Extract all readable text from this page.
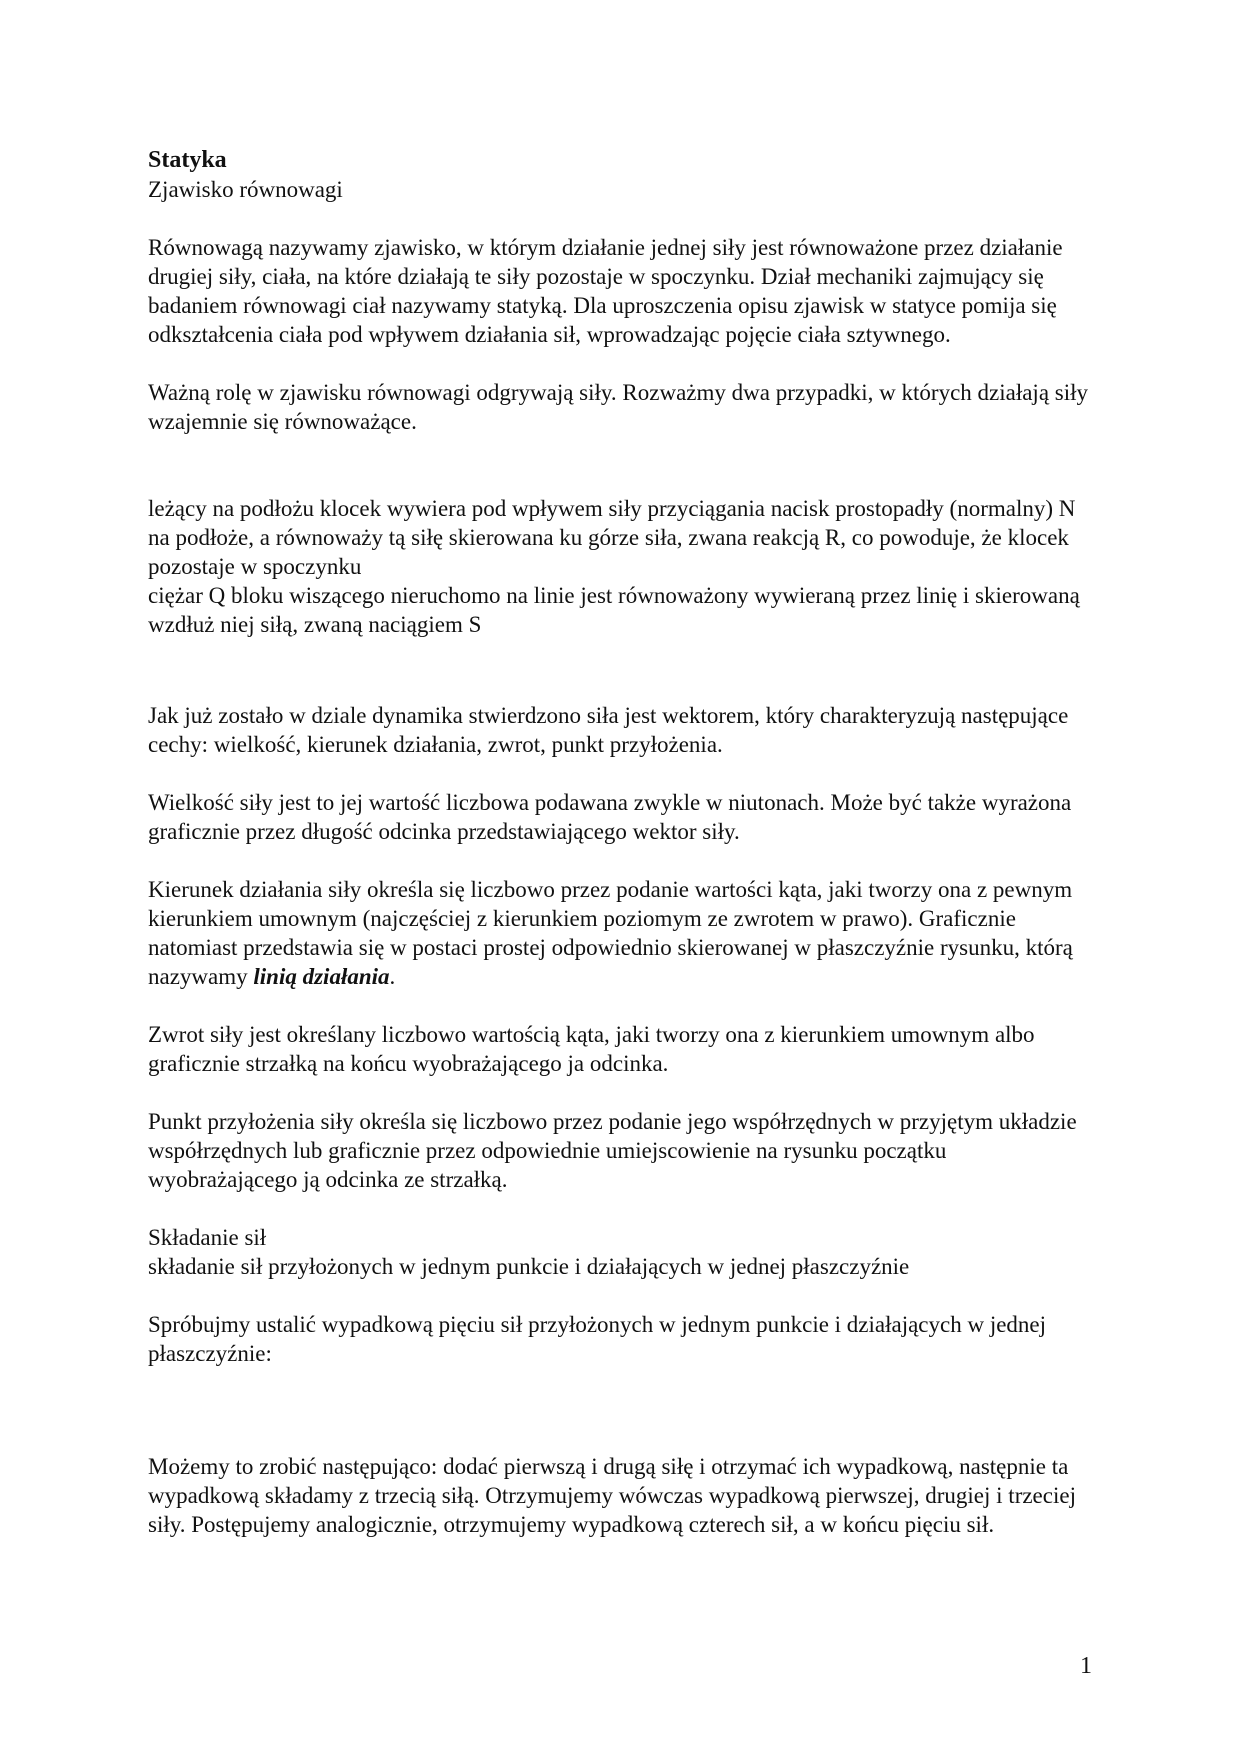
Statyka

Zjawisko równowagi

Równowagą nazywamy zjawisko, w którym działanie jednej siły jest równoważone przez działanie drugiej siły, ciała, na które działają te siły pozostaje w spoczynku. Dział mechaniki zajmujący się badaniem równowagi ciał nazywamy statyką. Dla uproszczenia opisu zjawisk w statyce pomija się odkształcenia ciała pod wpływem działania sił, wprowadzając pojęcie ciała sztywnego.

Ważną rolę w zjawisku równowagi odgrywają siły. Rozważmy dwa przypadki, w których działają siły wzajemnie się równoważące.

leżący na podłożu klocek wywiera pod wpływem siły przyciągania nacisk prostopadły (normalny) N na podłoże, a równoważy tą siłę skierowana ku górze siła, zwana reakcją R, co powoduje, że klocek pozostaje w spoczynku

ciężar Q bloku wiszącego nieruchomo na linie jest równoważony wywieraną przez linię i skierowaną wzdłuż niej siłą, zwaną naciągiem S

Jak już zostało w dziale dynamika stwierdzono siła jest wektorem, który charakteryzują następujące cechy: wielkość, kierunek działania, zwrot, punkt przyłożenia.

Wielkość siły jest to jej wartość liczbowa podawana zwykle w niutonach. Może być także wyrażona graficznie przez długość odcinka przedstawiającego wektor siły.

Kierunek działania siły określa się liczbowo przez podanie wartości kąta, jaki tworzy ona z pewnym kierunkiem umownym (najczęściej z kierunkiem poziomym ze zwrotem w prawo). Graficznie natomiast przedstawia się w postaci prostej odpowiednio skierowanej w płaszczyźnie rysunku, którą nazywamy linią działania.

Zwrot siły jest określany liczbowo wartością kąta, jaki tworzy ona z kierunkiem umownym albo graficznie strzałką na końcu wyobrażającego ja odcinka.

Punkt przyłożenia siły określa się liczbowo przez podanie jego współrzędnych w przyjętym układzie współrzędnych lub graficznie przez odpowiednie umiejscowienie na rysunku początku wyobrażającego ją odcinka ze strzałką.

Składanie sił

składanie sił przyłożonych w jednym punkcie i działających w jednej płaszczyźnie

Spróbujmy ustalić wypadkową pięciu sił przyłożonych w jednym punkcie i działających w jednej płaszczyźnie:

Możemy to zrobić następująco: dodać pierwszą i drugą siłę i otrzymać ich wypadkową, następnie ta wypadkową składamy z trzecią siłą. Otrzymujemy wówczas wypadkową pierwszej, drugiej i trzeciej siły. Postępujemy analogicznie, otrzymujemy wypadkową czterech sił, a w końcu pięciu sił.

1
